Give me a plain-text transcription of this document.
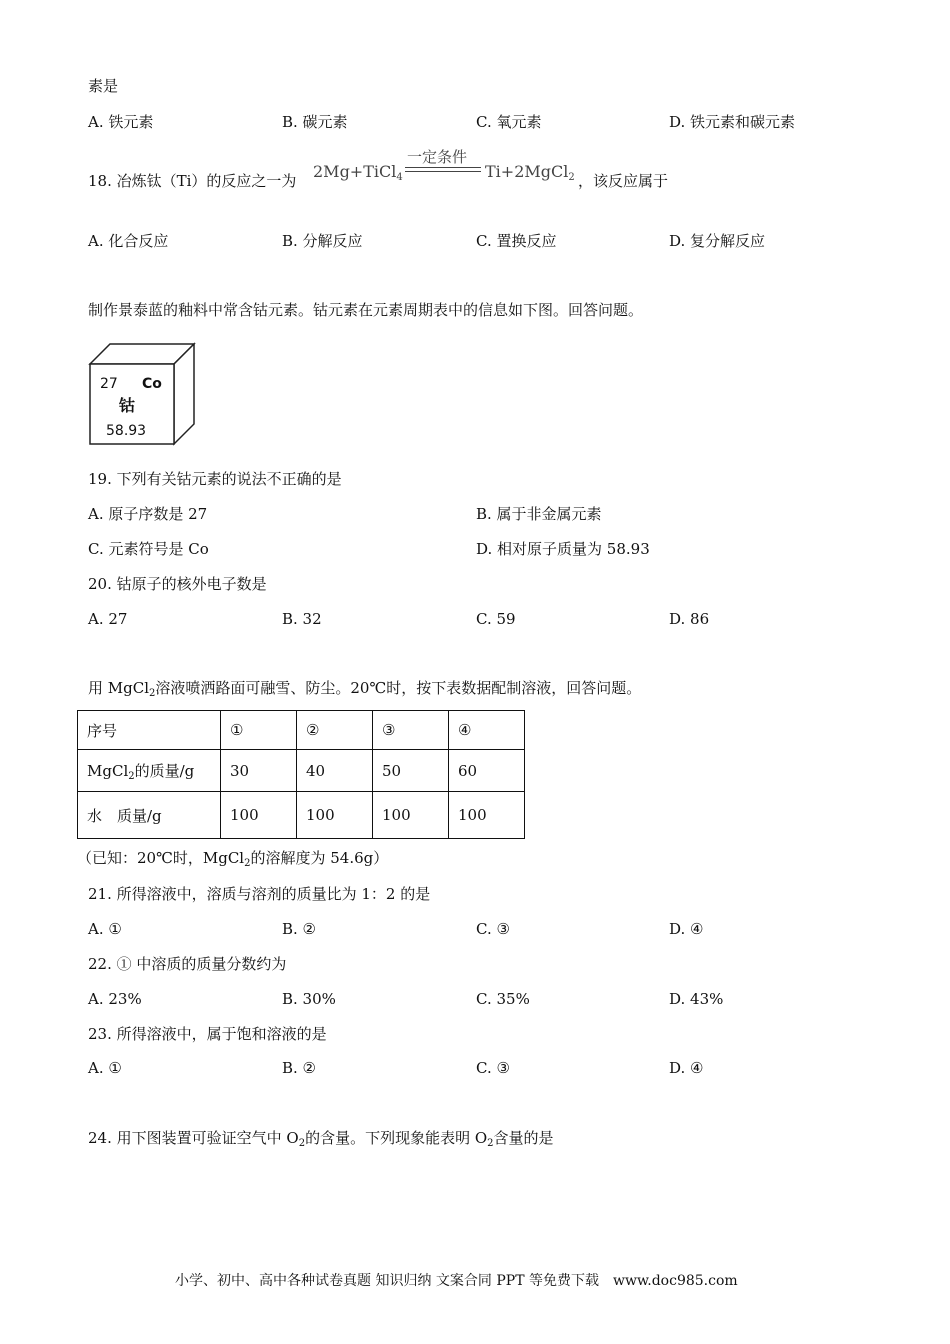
素是
A. 铁元素	B. 碳元素	C. 氧元素	D. 铁元素和碳元素
18. 冶炼钛（Ti）的反应之一为 2Mg+TiCl$_4$
一定条件
Ti+2MgCl$_2$ ，该反应属于
A. 化合反应	B. 分解反应	C. 置换反应	D. 复分解反应
制作景泰蓝的釉料中常含钴元素。钴元素在元素周期表中的信息如下图。回答问题。
27 Co
钴
58.93
19. 下列有关钴元素的说法不正确的是
A. 原子序数是 27	B. 属于非金属元素
C. 元素符号是 Co	D. 相对原子质量为 58.93
20. 钴原子的核外电子数是
A. 27	B. 32	C. 59	D. 86
用 MgCl$_2$溶液喷洒路面可融雪、防尘。20℃时，按下表数据配制溶液，回答问题。
序号	①	②	③	④
MgCl$_2$的质量/g	30	40	50	60
水　质量/g	100	100	100	100
（已知：20℃时，MgCl$_2$的溶解度为 54.6g）
21. 所得溶液中，溶质与溶剂的质量比为 1：2 的是
A. ①	B. ②	C. ③	D. ④
22. ① 中溶质的质量分数约为
A. 23%	B. 30%	C. 35%	D. 43%
23. 所得溶液中，属于饱和溶液的是
A. ①	B. ②	C. ③	D. ④
24. 用下图装置可验证空气中 $O_2$的含量。下列现象能表明 $O_2$含量的是
小学、初中、高中各种试卷真题 知识归纳 文案合同 PPT 等免费下载　www.doc985.com
